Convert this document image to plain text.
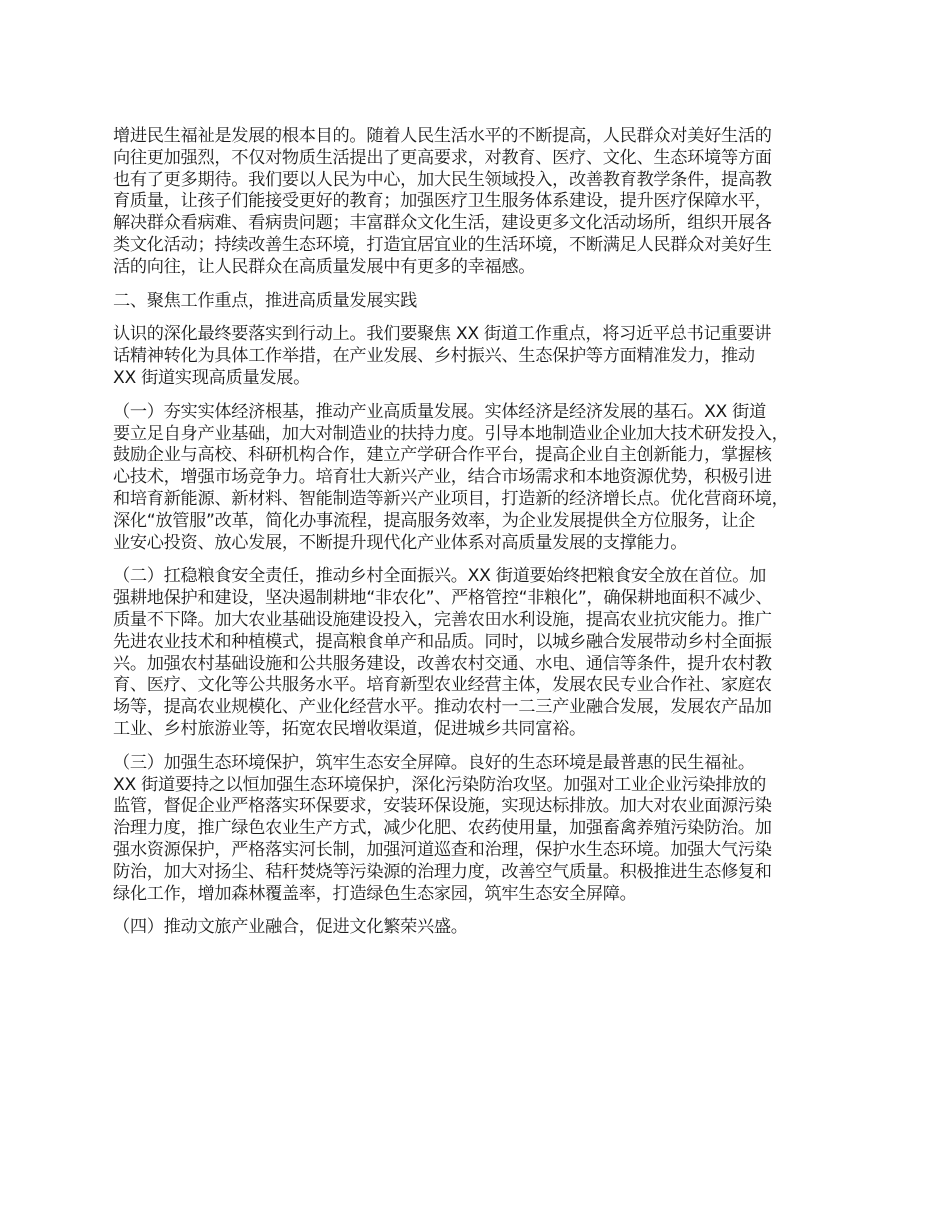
增进民生福祉是发展的根本目的。随着人民生活水平的不断提高，人民群众对美好生活的
向往更加强烈，不仅对物质生活提出了更高要求，对教育、医疗、文化、生态环境等方面
也有了更多期待。我们要以人民为中心，加大民生领域投入，改善教育教学条件，提高教
育质量，让孩子们能接受更好的教育；加强医疗卫生服务体系建设，提升医疗保障水平，
解决群众看病难、看病贵问题；丰富群众文化生活，建设更多文化活动场所，组织开展各
类文化活动；持续改善生态环境，打造宜居宜业的生活环境，不断满足人民群众对美好生
活的向往，让人民群众在高质量发展中有更多的幸福感。

二、聚焦工作重点，推进高质量发展实践

认识的深化最终要落实到行动上。我们要聚焦 XX 街道工作重点，将习近平总书记重要讲
话精神转化为具体工作举措，在产业发展、乡村振兴、生态保护等方面精准发力，推动
XX 街道实现高质量发展。

（一）夯实实体经济根基，推动产业高质量发展。实体经济是经济发展的基石。XX 街道
要立足自身产业基础，加大对制造业的扶持力度。引导本地制造业企业加大技术研发投入，
鼓励企业与高校、科研机构合作，建立产学研合作平台，提高企业自主创新能力，掌握核
心技术，增强市场竞争力。培育壮大新兴产业，结合市场需求和本地资源优势，积极引进
和培育新能源、新材料、智能制造等新兴产业项目，打造新的经济增长点。优化营商环境，
深化“放管服”改革，简化办事流程，提高服务效率，为企业发展提供全方位服务，让企
业安心投资、放心发展，不断提升现代化产业体系对高质量发展的支撑能力。

（二）扛稳粮食安全责任，推动乡村全面振兴。XX 街道要始终把粮食安全放在首位。加
强耕地保护和建设，坚决遏制耕地“非农化”、严格管控“非粮化”，确保耕地面积不减少、
质量不下降。加大农业基础设施建设投入，完善农田水利设施，提高农业抗灾能力。推广
先进农业技术和种植模式，提高粮食单产和品质。同时，以城乡融合发展带动乡村全面振
兴。加强农村基础设施和公共服务建设，改善农村交通、水电、通信等条件，提升农村教
育、医疗、文化等公共服务水平。培育新型农业经营主体，发展农民专业合作社、家庭农
场等，提高农业规模化、产业化经营水平。推动农村一二三产业融合发展，发展农产品加
工业、乡村旅游业等，拓宽农民增收渠道，促进城乡共同富裕。

（三）加强生态环境保护，筑牢生态安全屏障。良好的生态环境是最普惠的民生福祉。
XX 街道要持之以恒加强生态环境保护，深化污染防治攻坚。加强对工业企业污染排放的
监管，督促企业严格落实环保要求，安装环保设施，实现达标排放。加大对农业面源污染
治理力度，推广绿色农业生产方式，减少化肥、农药使用量，加强畜禽养殖污染防治。加
强水资源保护，严格落实河长制，加强河道巡查和治理，保护水生态环境。加强大气污染
防治，加大对扬尘、秸秆焚烧等污染源的治理力度，改善空气质量。积极推进生态修复和
绿化工作，增加森林覆盖率，打造绿色生态家园，筑牢生态安全屏障。

（四）推动文旅产业融合，促进文化繁荣兴盛。
